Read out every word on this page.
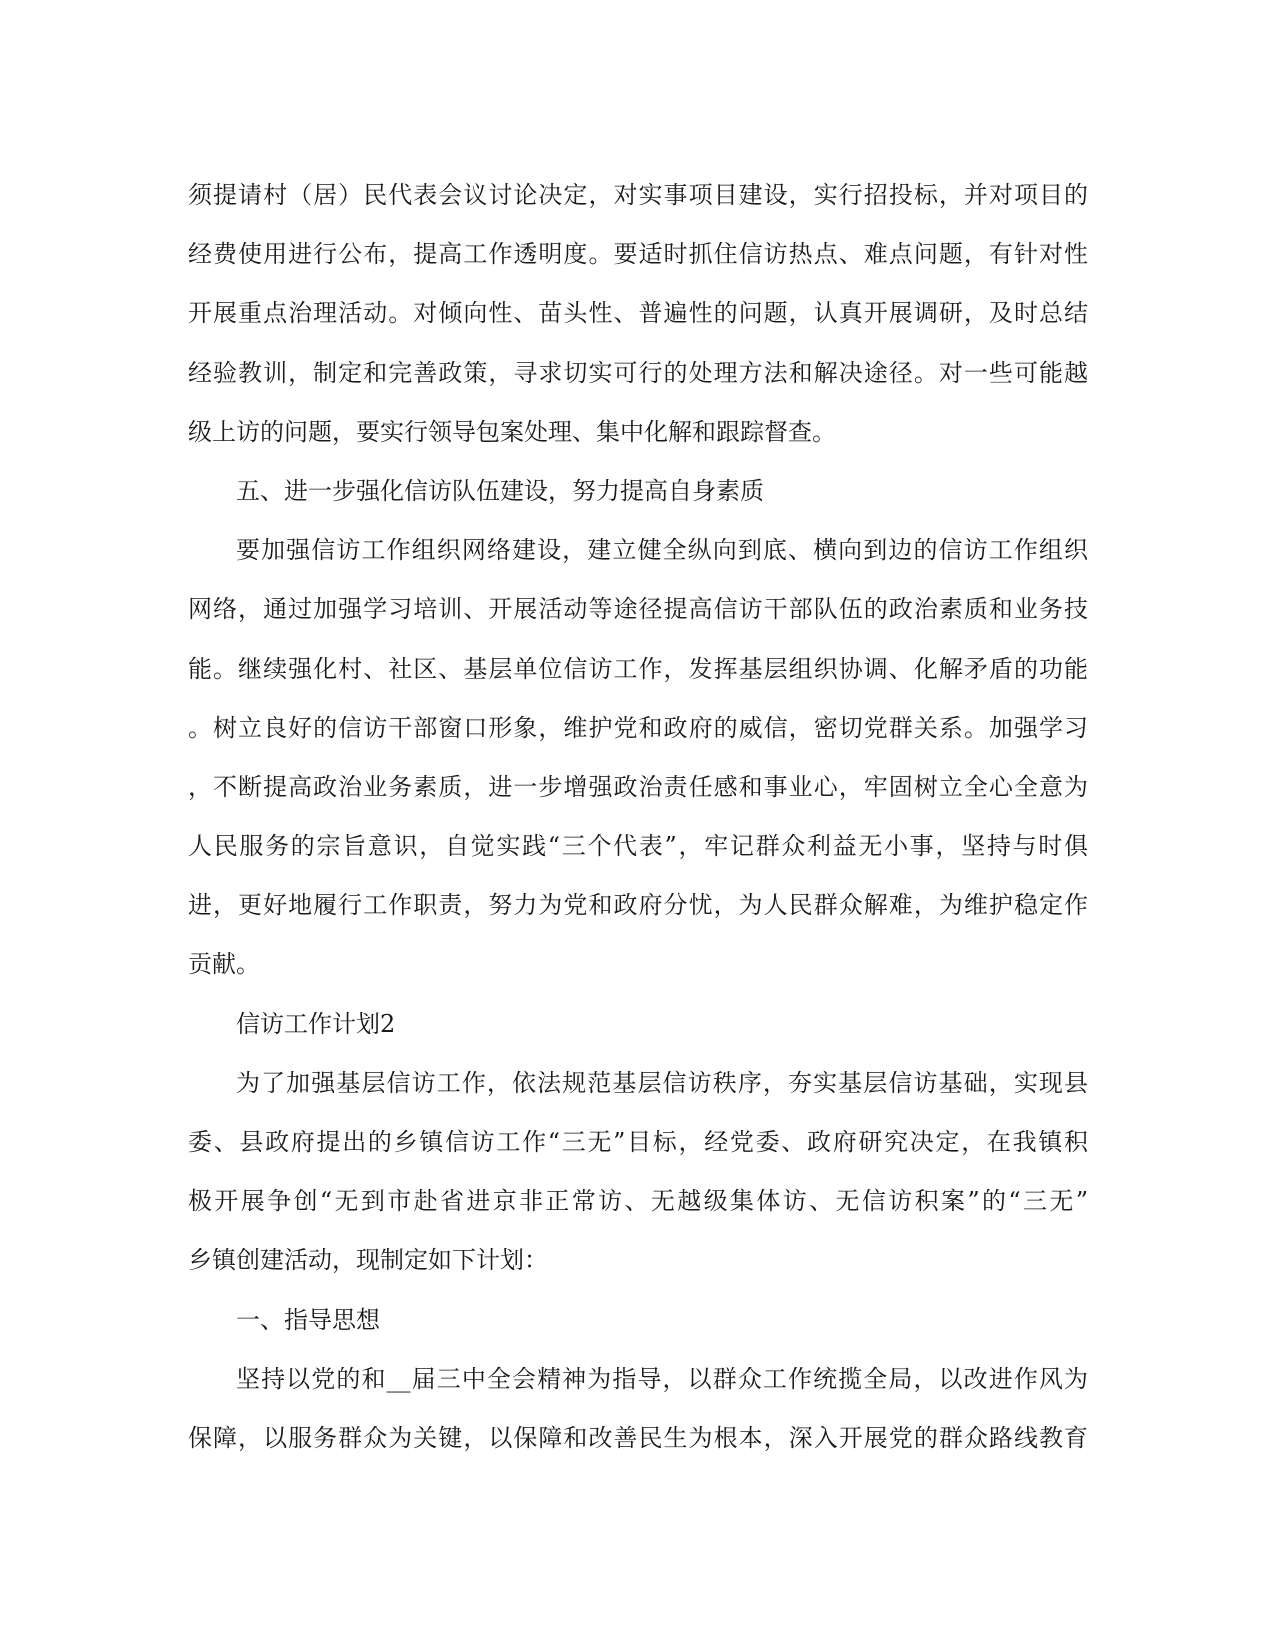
须提请村（居）民代表会议讨论决定，对实事项目建设，实行招投标，并对项目的
经费使用进行公布，提高工作透明度。要适时抓住信访热点、难点问题，有针对性
开展重点治理活动。对倾向性、苗头性、普遍性的问题，认真开展调研，及时总结
经验教训，制定和完善政策，寻求切实可行的处理方法和解决途径。对一些可能越
级上访的问题，要实行领导包案处理、集中化解和跟踪督查。
五、进一步强化信访队伍建设，努力提高自身素质
要加强信访工作组织网络建设，建立健全纵向到底、横向到边的信访工作组织
网络，通过加强学习培训、开展活动等途径提高信访干部队伍的政治素质和业务技
能。继续强化村、社区、基层单位信访工作，发挥基层组织协调、化解矛盾的功能
。树立良好的信访干部窗口形象，维护党和政府的威信，密切党群关系。加强学习
，不断提高政治业务素质，进一步增强政治责任感和事业心，牢固树立全心全意为
人民服务的宗旨意识，自觉实践“三个代表”，牢记群众利益无小事，坚持与时俱
进，更好地履行工作职责，努力为党和政府分忧，为人民群众解难，为维护稳定作
贡献。
信访工作计划2
为了加强基层信访工作，依法规范基层信访秩序，夯实基层信访基础，实现县
委、县政府提出的乡镇信访工作“三无”目标，经党委、政府研究决定，在我镇积
极开展争创“无到市赴省进京非正常访、无越级集体访、无信访积案”的“三无”
乡镇创建活动，现制定如下计划：
一、指导思想
坚持以党的和__届三中全会精神为指导，以群众工作统揽全局，以改进作风为
保障，以服务群众为关键，以保障和改善民生为根本，深入开展党的群众路线教育
